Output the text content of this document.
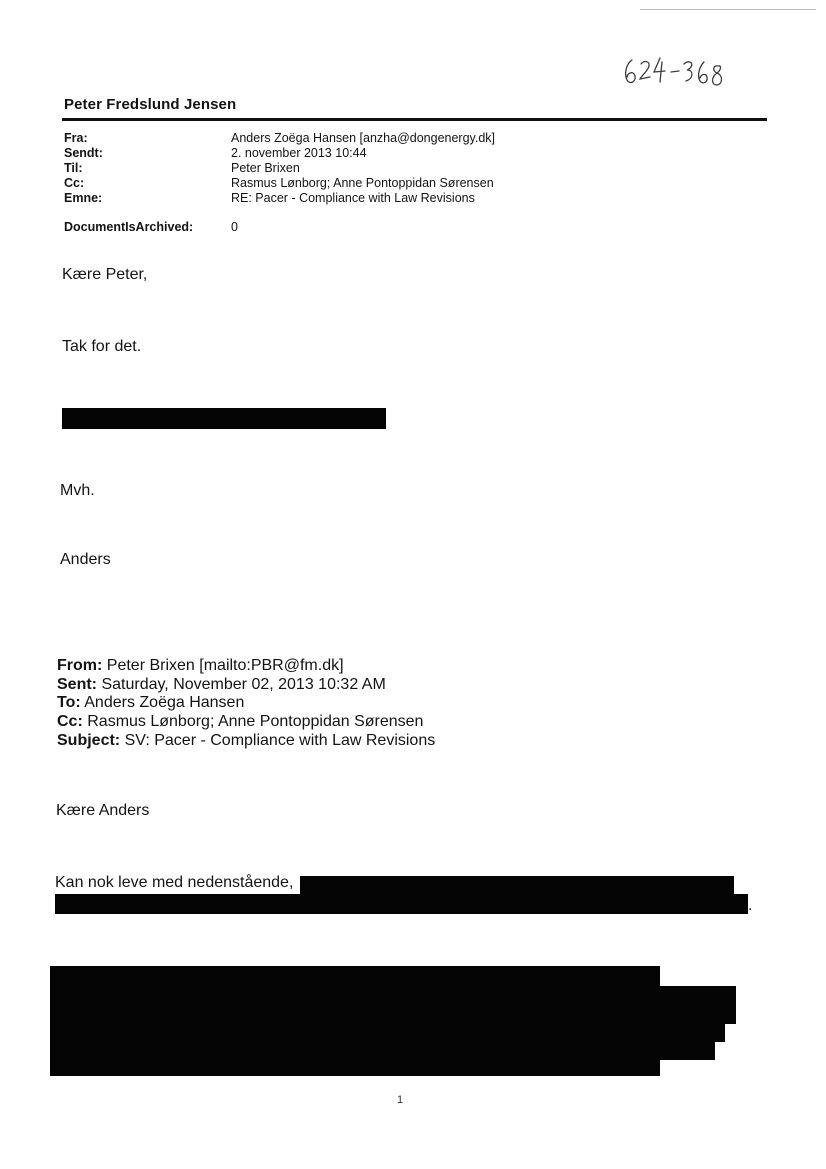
Peter Fredslund Jensen
Fra:	Anders Zoëga Hansen [anzha@dongenergy.dk]
Sendt:	2. november 2013 10:44
Til:	Peter Brixen
Cc:	Rasmus Lønborg; Anne Pontoppidan Sørensen
Emne:	RE: Pacer - Compliance with Law Revisions
DocumentIsArchived:	0
Kære Peter,
Tak for det.
Mvh.
Anders
From: Peter Brixen [mailto:PBR@fm.dk]
Sent: Saturday, November 02, 2013 10:32 AM
To: Anders Zoëga Hansen
Cc: Rasmus Lønborg; Anne Pontoppidan Sørensen
Subject: SV: Pacer - Compliance with Law Revisions
Kære Anders
Kan nok leve med nedenstående,
.
1
